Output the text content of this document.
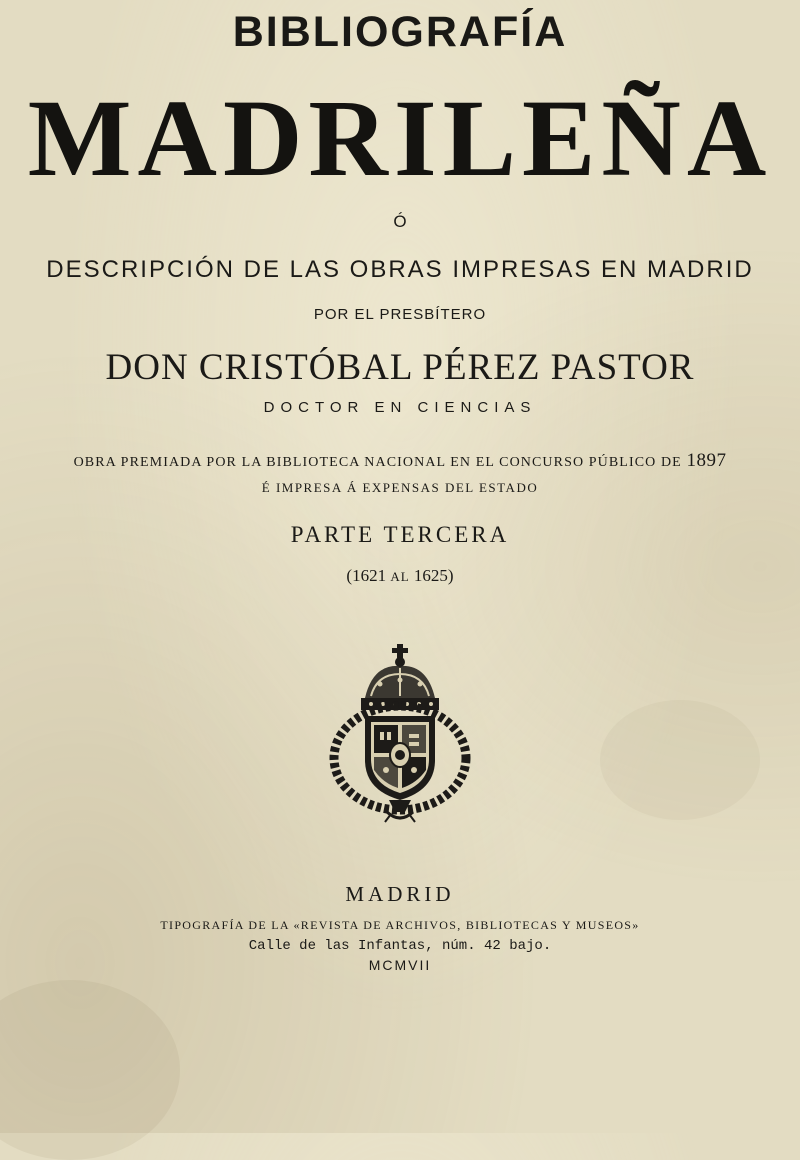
BIBLIOGRAFÍA
MADRILEÑA

Ó

DESCRIPCIÓN DE LAS OBRAS IMPRESAS EN MADRID

POR EL PRESBÍTERO

DON CRISTÓBAL PÉREZ PASTOR

DOCTOR EN CIENCIAS

OBRA PREMIADA POR LA BIBLIOTECA NACIONAL EN EL CONCURSO PÚBLICO DE 1897

É IMPRESA Á EXPENSAS DEL ESTADO

PARTE TERCERA

(1621 AL 1625)

MADRID

TIPOGRAFÍA DE LA «REVISTA DE ARCHIVOS, BIBLIOTECAS Y MUSEOS»

Calle de las Infantas, núm. 42 bajo.

MCMVII
